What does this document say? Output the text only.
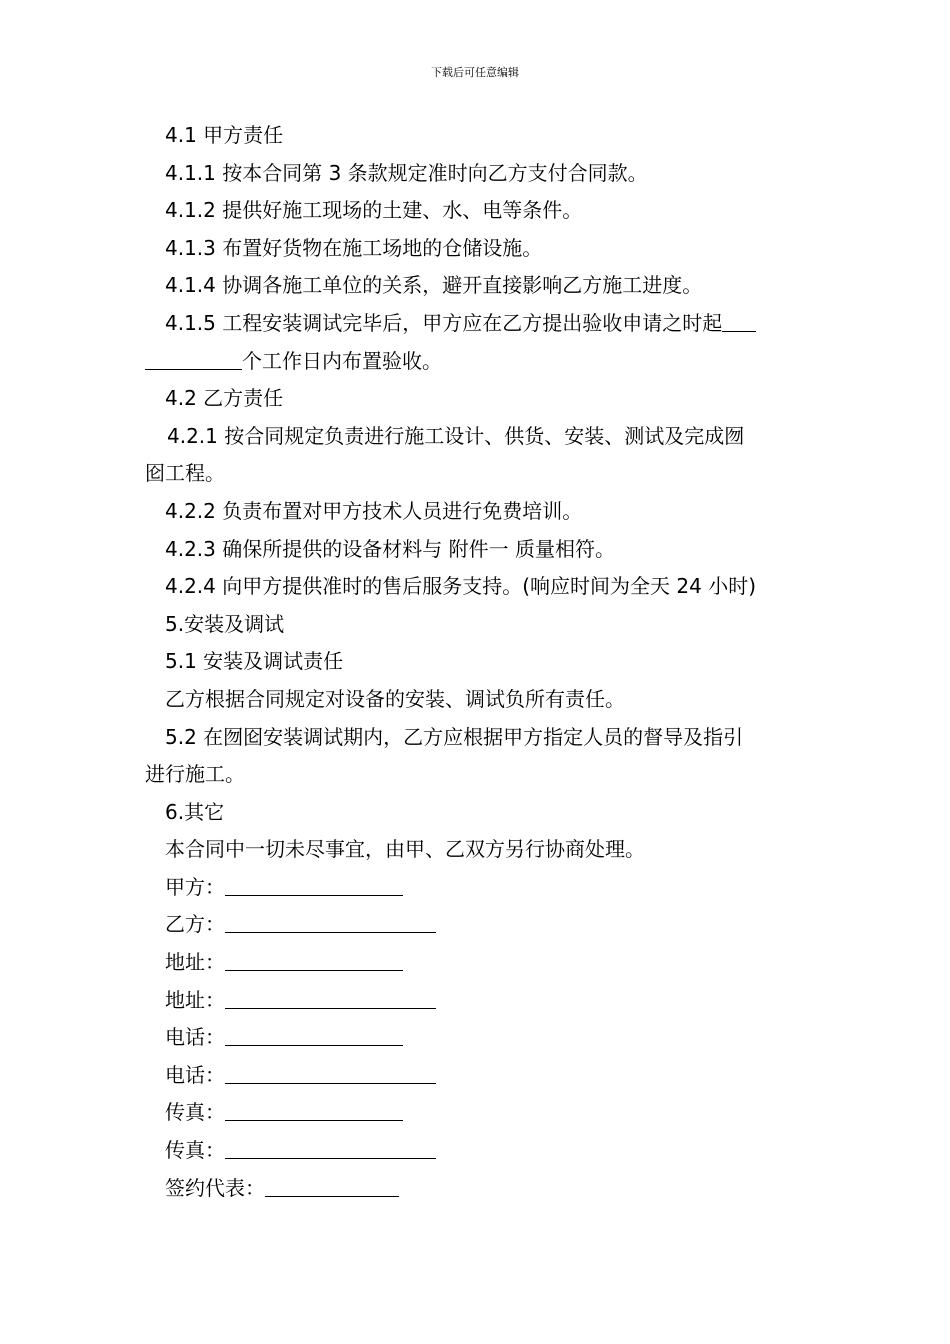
下载后可任意编辑
4.1 甲方责任
4.1.1 按本合同第 3 条款规定准时向乙方支付合同款。
4.1.2 提供好施工现场的土建、水、电等条件。
4.1.3 布置好货物在施工场地的仓储设施。
4.1.4 协调各施工单位的关系，避开直接影响乙方施工进度。
4.1.5 工程安装调试完毕后，甲方应在乙方提出验收申请之时起
个工作日内布置验收。
4.2 乙方责任
4.2.1 按合同规定负责进行施工设计、供货、安装、测试及完成囫
囵工程。
4.2.2 负责布置对甲方技术人员进行免费培训。
4.2.3 确保所提供的设备材料与 附件一 质量相符。
4.2.4 向甲方提供准时的售后服务支持。(响应时间为全天 24 小时)
5.安装及调试
5.1 安装及调试责任
乙方根据合同规定对设备的安装、调试负所有责任。
5.2 在囫囵安装调试期内，乙方应根据甲方指定人员的督导及指引
进行施工。
6.其它
本合同中一切未尽事宜，由甲、乙双方另行协商处理。
甲方：
乙方：
地址：
地址：
电话：
电话：
传真：
传真：
签约代表：
